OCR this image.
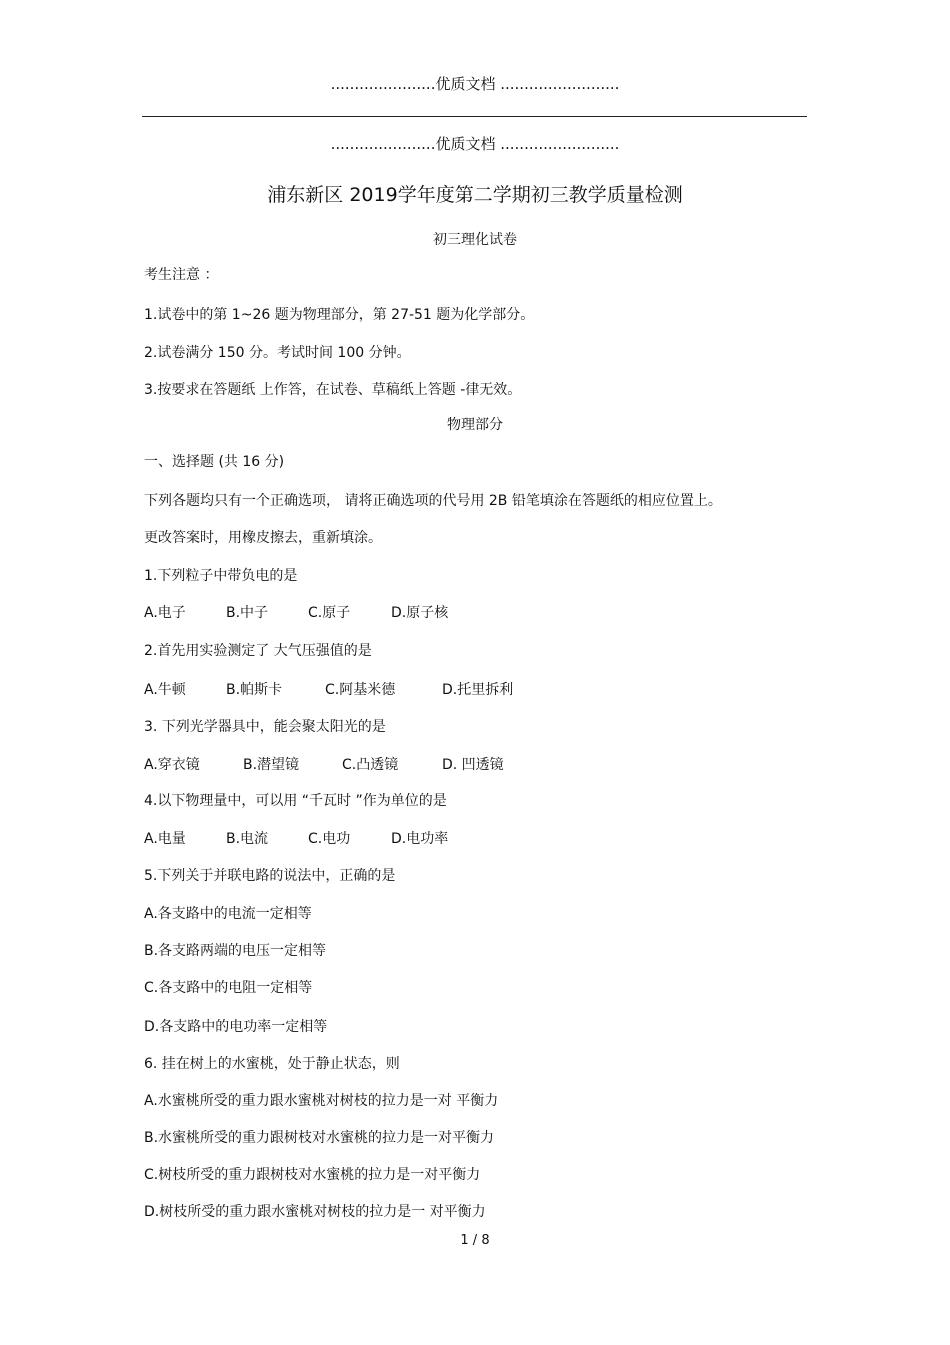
......................优质文档 .........................
......................优质文档 .........................
浦东新区 2019学年度第二学期初三教学质量检测
初三理化试卷
考生注意 ：
1.试卷中的第 1~26 题为物理部分，第 27-51 题为化学部分。
2.试卷满分 150 分。考试时间 100 分钟。
3.按要求在答题纸 上作答，在试卷、草稿纸上答题 -律无效。
物理部分
一、选择题 (共 16 分)
下列各题均只有一个正确选项， 请将正确选项的代号用 2B 铅笔填涂在答题纸的相应位置上。
更改答案时，用橡皮擦去，重新填涂。
1.下列粒子中带负电的是
A.电子	B.中子	C.原子	D.原子核
2.首先用实验测定了 大气压强值的是
A.牛顿	B.帕斯卡	C.阿基米德	D.托里拆利
3. 下列光学器具中，能会聚太阳光的是
A.穿衣镜	B.潜望镜	C.凸透镜	D. 凹透镜
4.以下物理量中，可以用 “千瓦时 ”作为单位的是
A.电量	B.电流	C.电功	D.电功率
5.下列关于并联电路的说法中，正确的是
A.各支路中的电流一定相等
B.各支路两端的电压一定相等
C.各支路中的电阻一定相等
D.各支路中的电功率一定相等
6. 挂在树上的水蜜桃，处于静止状态，则
A.水蜜桃所受的重力跟水蜜桃对树枝的拉力是一对 平衡力
B.水蜜桃所受的重力跟树枝对水蜜桃的拉力是一对平衡力
C.树枝所受的重力跟树枝对水蜜桃的拉力是一对平衡力
D.树枝所受的重力跟水蜜桃对树枝的拉力是一 对平衡力
1 / 8
